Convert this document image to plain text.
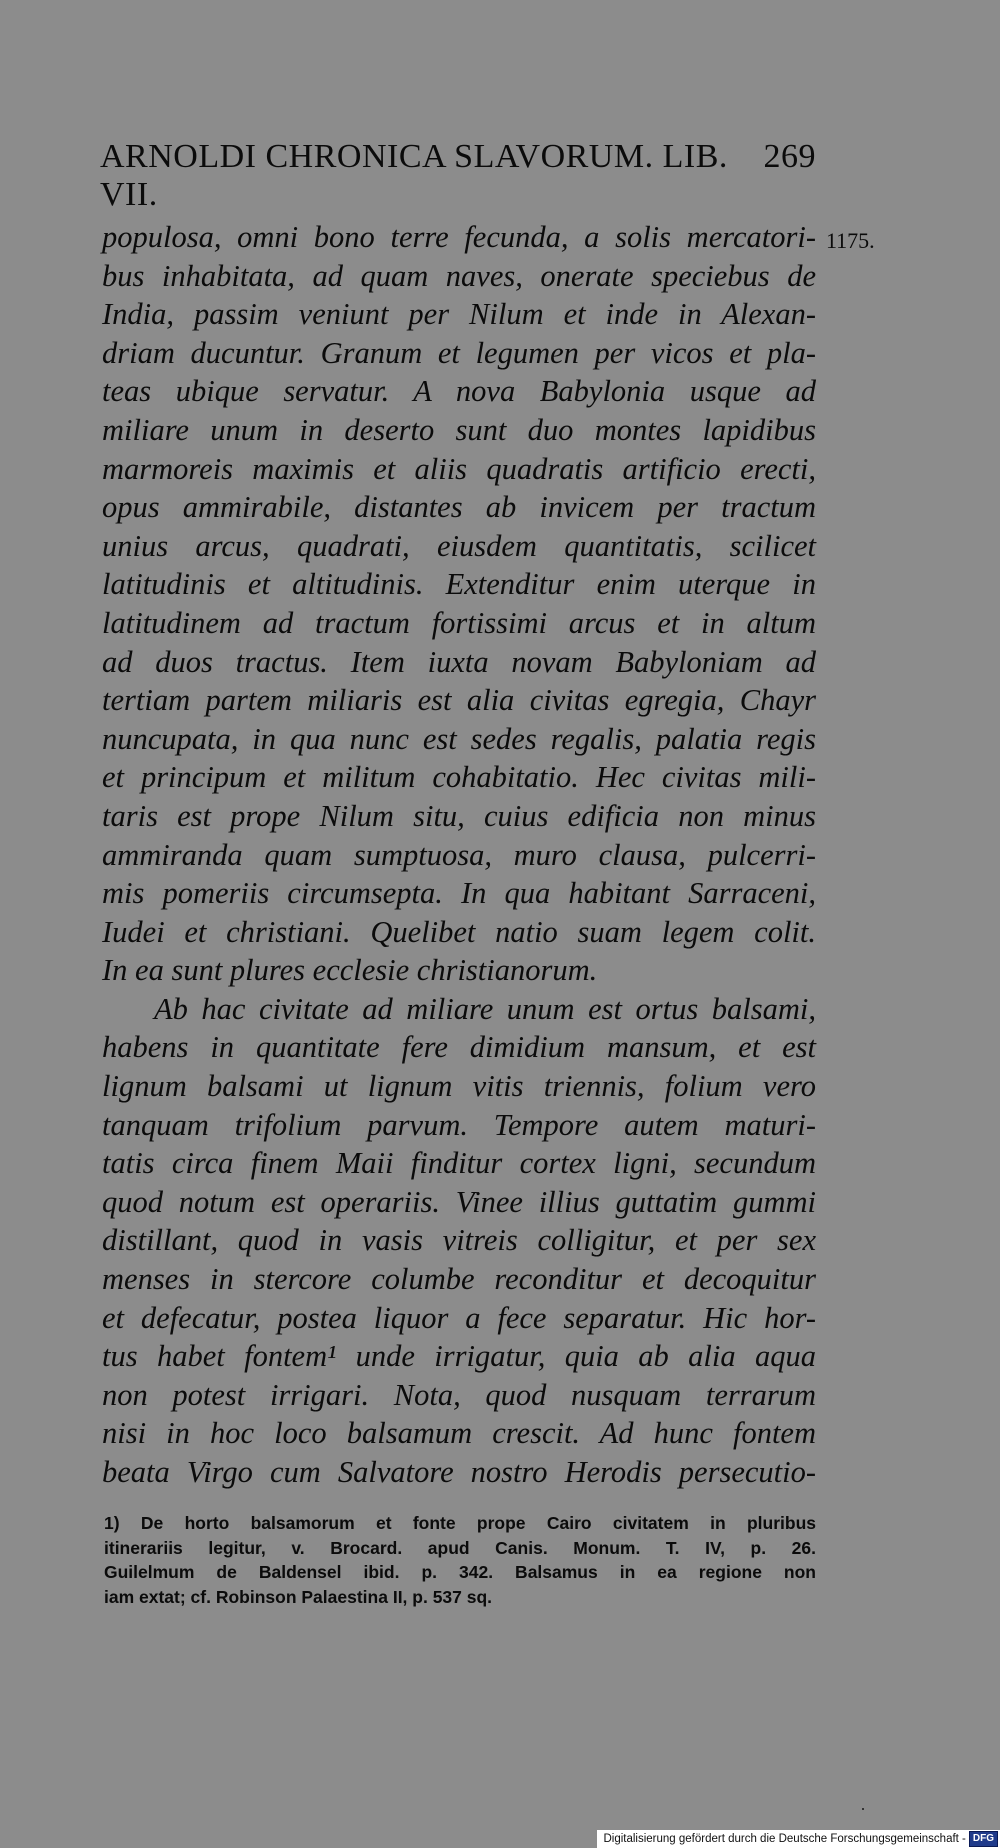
ARNOLDI CHRONICA SLAVORUM. LIB. VII.
269
1175.
populosa, omni bono terre fecunda, a solis mercatori-
bus inhabitata, ad quam naves, onerate speciebus de
India, passim veniunt per Nilum et inde in Alexan-
driam ducuntur. Granum et legumen per vicos et pla-
teas ubique servatur. A nova Babylonia usque ad
miliare unum in deserto sunt duo montes lapidibus
marmoreis maximis et aliis quadratis artificio erecti,
opus ammirabile, distantes ab invicem per tractum
unius arcus, quadrati, eiusdem quantitatis, scilicet
latitudinis et altitudinis. Extenditur enim uterque in
latitudinem ad tractum fortissimi arcus et in altum
ad duos tractus. Item iuxta novam Babyloniam ad
tertiam partem miliaris est alia civitas egregia, Chayr
nuncupata, in qua nunc est sedes regalis, palatia regis
et principum et militum cohabitatio. Hec civitas mili-
taris est prope Nilum situ, cuius edificia non minus
ammiranda quam sumptuosa, muro clausa, pulcerri-
mis pomeriis circumsepta. In qua habitant Sarraceni,
Iudei et christiani. Quelibet natio suam legem colit.
In ea sunt plures ecclesie christianorum.
Ab hac civitate ad miliare unum est ortus balsami,
habens in quantitate fere dimidium mansum, et est
lignum balsami ut lignum vitis triennis, folium vero
tanquam trifolium parvum. Tempore autem maturi-
tatis circa finem Maii finditur cortex ligni, secundum
quod notum est operariis. Vinee illius guttatim gummi
distillant, quod in vasis vitreis colligitur, et per sex
menses in stercore columbe reconditur et decoquitur
et defecatur, postea liquor a fece separatur. Hic hor-
tus habet fontem¹ unde irrigatur, quia ab alia aqua
non potest irrigari. Nota, quod nusquam terrarum
nisi in hoc loco balsamum crescit. Ad hunc fontem
beata Virgo cum Salvatore nostro Herodis persecutio-
1) De horto balsamorum et fonte prope Cairo civitatem in pluribus
itinerariis legitur, v. Brocard. apud Canis. Monum. T. IV, p. 26.
Guilelmum de Baldensel ibid. p. 342. Balsamus in ea regione non
iam extat; cf. Robinson Palaestina II, p. 537 sq.
Digitalisierung gefördert durch die Deutsche Forschungsgemeinschaft - DFG
